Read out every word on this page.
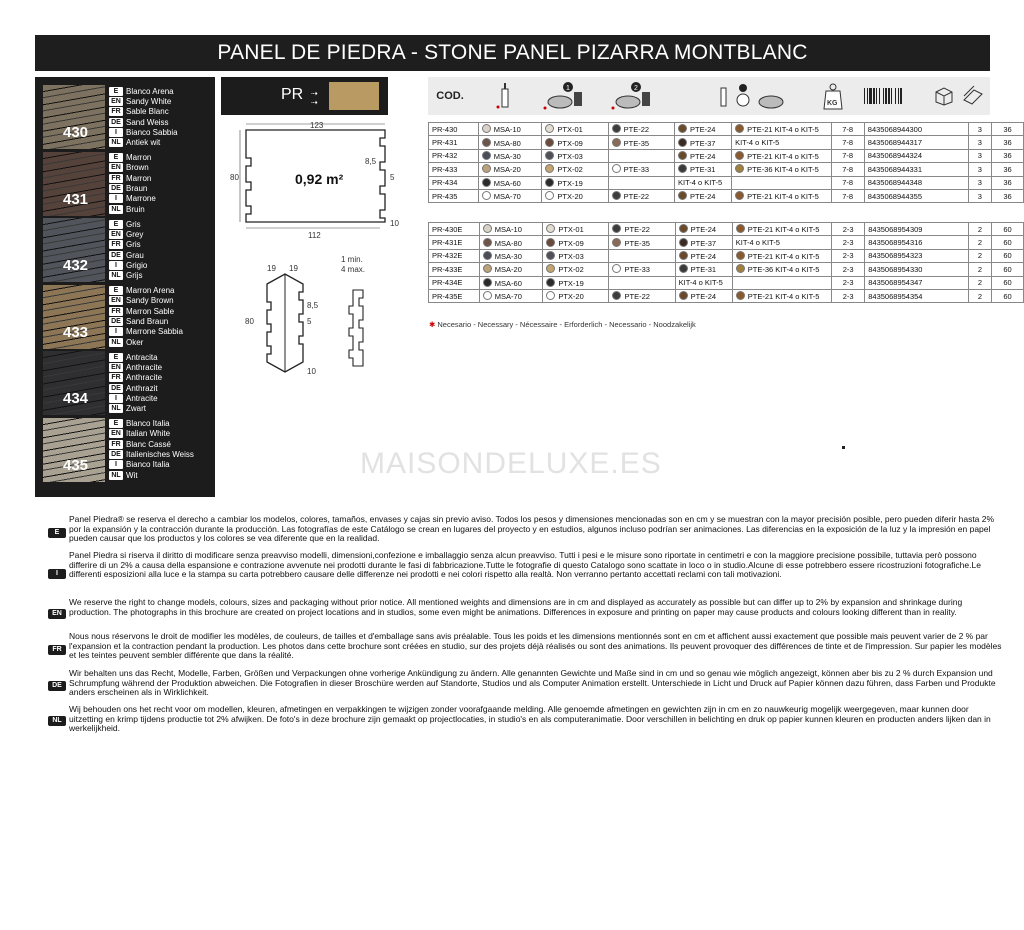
PANEL DE PIEDRA - STONE PANEL PIZARRA MONTBLANC
430
E Blanco Arena
EN Sandy White
FR Sable Blanc
DE Sand Weiss
I	Bianco Sabbia
NL Antiek wit
431
E Marron
EN Brown
FR Marron
DE Braun
I	Marrone
NL Bruin
432
E Gris
EN Grey
FR Gris
DE Grau
I	Grigio
NL Grijs
433
E Marron Arena
EN Sandy Brown
FR Marron Sable
DE Sand Braun
I	Marrone Sabbia
NL Oker
434
E Antracita
EN Anthracite
FR Anthracite
DE Anthrazit
I	Antracite
NL Zwart
435
E Blanco Italia
EN Italian White
FR Blanc Cassé
DE Italienisches Weiss
I	Bianco Italia
NL Wit
PR ⇢
⇢
123
112
80
8,5
5
10
0,92 m²
19 19
80
8,5
5
10
1 min.
4 max.
COD.
1	2
KG
PR-430	MSA-10	PTX-01	PTE-22	PTE-24	PTE-21 KIT-4 o KIT-5	7-8	8435068944300	3	36
PR-431	MSA-80	PTX-09	PTE-35	PTE-37	KIT-4 o KIT-5	7-8	8435068944317	3	36
PR-432	MSA-30	PTX-03		PTE-24	PTE-21 KIT-4 o KIT-5	7-8	8435068944324	3	36
PR-433	MSA-20	PTX-02	PTE-33	PTE-31	PTE-36 KIT-4 o KIT-5	7-8	8435068944331	3	36
PR-434	MSA-60	PTX-19		KIT-4 o KIT-5		7-8	8435068944348	3	36
PR-435	MSA-70	PTX-20	PTE-22	PTE-24	PTE-21 KIT-4 o KIT-5	7-8	8435068944355	3	36
PR-430E	MSA-10	PTX-01	PTE-22	PTE-24	PTE-21 KIT-4 o KIT-5	2-3	8435068954309	2	60
PR-431E	MSA-80	PTX-09	PTE-35	PTE-37	KIT-4 o KIT-5	2-3	8435068954316	2	60
PR-432E	MSA-30	PTX-03		PTE-24	PTE-21 KIT-4 o KIT-5	2-3	8435068954323	2	60
PR-433E	MSA-20	PTX-02	PTE-33	PTE-31	PTE-36 KIT-4 o KIT-5	2-3	8435068954330	2	60
PR-434E	MSA-60	PTX-19		KIT-4 o KIT-5		2-3	8435068954347	2	60
PR-435E	MSA-70	PTX-20	PTE-22	PTE-24	PTE-21 KIT-4 o KIT-5	2-3	8435068954354	2	60
✱ Necesario - Necessary - Nécessaire - Erforderlich - Necessario - Noodzakelijk
MAISONDELUXE.ES
E
Panel Piedra® se reserva el derecho a cambiar los modelos, colores, tamaños, envases y cajas sin previo aviso. Todos los pesos y dimensiones mencionadas son en cm y se muestran con la mayor precisión posible, pero pueden diferir hasta 2% por la expansión y la contracción durante la producción. Las fotografías de este Catálogo se crean en lugares del proyecto y en estudios, algunos incluso podrían ser animaciones. Las diferencias en la exposición de la luz y la impresión en papel pueden causar que los productos y los colores se vea diferente que en la realidad.
I
Panel Piedra si riserva il diritto di modificare senza preavviso modelli, dimensioni,confezione e imballaggio senza alcun preavviso. Tutti i pesi e le misure sono riportate in centimetri e con la maggiore precisione possibile, tuttavia però possono differire di un 2% a causa della espansione e contrazione avvenute nei prodotti durante le fasi di fabbricazione.Tutte le fotografie di questo Catalogo sono scattate in loco o in studio.Alcune di esse potrebbero essere ricostruzioni fotografiche.Le differenti esposizioni alla luce e la stampa su carta potrebbero causare delle differenze nei prodotti e nei colori rispetto alla realtà. Non verranno pertanto accettati reclami con tali motivazioni.
EN
We reserve the right to change models, colours, sizes and packaging without prior notice. All mentioned weights and dimensions are in cm and displayed as accurately as possible but can differ up to 2% by expansion and shrinkage during production. The photographs in this brochure are created on project locations and in studios, some even might be animations. Differences in exposure and printing on paper may cause products and colours looking different than in reality.
FR
Nous nous réservons le droit de modifier les modèles, de couleurs, de tailles et d'emballage sans avis préalable. Tous les poids et les dimensions mentionnés sont en cm et affichent aussi exactement que possible mais peuvent varier de 2 % par l'expansion et la contraction pendant la production. Les photos dans cette brochure sont créées en studio, sur des projets déjà réalisés ou sont des animations. Ils peuvent provoquer des différences de tinte et de l'impression. Sur papier les modèles et les teintes peuvent sembler différente que dans la réalité.
DE
Wir behalten uns das Recht, Modelle, Farben, Größen und Verpackungen ohne vorherige Ankündigung zu ändern. Alle genannten Gewichte und Maße sind in cm und so genau wie möglich angezeigt, können aber bis zu 2 % durch Expansion und Schrumpfung während der Produktion abweichen. Die Fotografien in dieser Broschüre werden auf Standorte, Studios und als Computer Animation erstellt. Unterschiede in Licht und Druck auf Papier können dazu führen, dass Farben und Produkte anders erscheinen als in Wirklichkeit.
NL
Wij behouden ons het recht voor om modellen, kleuren, afmetingen en verpakkingen te wijzigen zonder voorafgaande melding. Alle genoemde afmetingen en gewichten zijn in cm en zo nauwkeurig mogelijk weergegeven, maar kunnen door uitzetting en krimp tijdens productie tot 2% afwijken. De foto's in deze brochure zijn gemaakt op projectlocaties, in studio's en als computeranimatie. Door verschillen in belichting en druk op papier kunnen kleuren en producten anders lijken dan in werkelijkheid.
